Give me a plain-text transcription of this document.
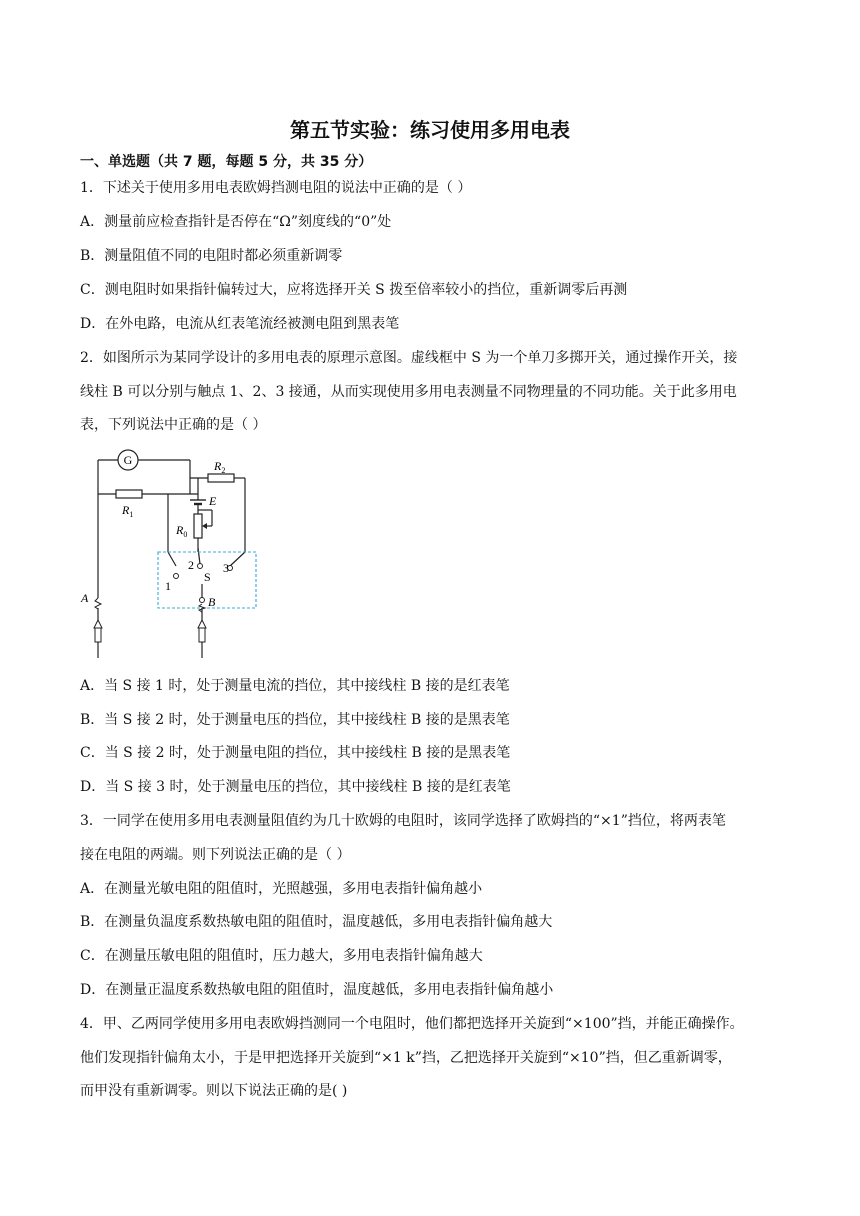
第五节实验：练习使用多用电表
一、单选题（共 7 题，每题 5 分，共 35 分）
1．下述关于使用多用电表欧姆挡测电阻的说法中正确的是（ ）
A．测量前应检查指针是否停在“Ω”刻度线的“0”处
B．测量阻值不同的电阻时都必须重新调零
C．测电阻时如果指针偏转过大，应将选择开关 S 拨至倍率较小的挡位，重新调零后再测
D．在外电路，电流从红表笔流经被测电阻到黑表笔
2．如图所示为某同学设计的多用电表的原理示意图。虚线框中 S 为一个单刀多掷开关，通过操作开关，接
线柱 B 可以分别与触点 1、2、3 接通，从而实现使用多用电表测量不同物理量的不同功能。关于此多用电
表，下列说法中正确的是（ ）
G
$R_1$
$R_2$
E
$R_0$
1
2 3
S
A	B
A．当 S 接 1 时，处于测量电流的挡位，其中接线柱 B 接的是红表笔
B．当 S 接 2 时，处于测量电压的挡位，其中接线柱 B 接的是黑表笔
C．当 S 接 2 时，处于测量电阻的挡位，其中接线柱 B 接的是黑表笔
D．当 S 接 3 时，处于测量电压的挡位，其中接线柱 B 接的是红表笔
3．一同学在使用多用电表测量阻值约为几十欧姆的电阻时，该同学选择了欧姆挡的“×1”挡位，将两表笔
接在电阻的两端。则下列说法正确的是（ ）
A．在测量光敏电阻的阻值时，光照越强，多用电表指针偏角越小
B．在测量负温度系数热敏电阻的阻值时，温度越低，多用电表指针偏角越大
C．在测量压敏电阻的阻值时，压力越大，多用电表指针偏角越大
D．在测量正温度系数热敏电阻的阻值时，温度越低，多用电表指针偏角越小
4．甲、乙两同学使用多用电表欧姆挡测同一个电阻时，他们都把选择开关旋到“×100”挡，并能正确操作。
他们发现指针偏角太小，于是甲把选择开关旋到“×1 k”挡，乙把选择开关旋到“×10”挡，但乙重新调零，
而甲没有重新调零。则以下说法正确的是( )
